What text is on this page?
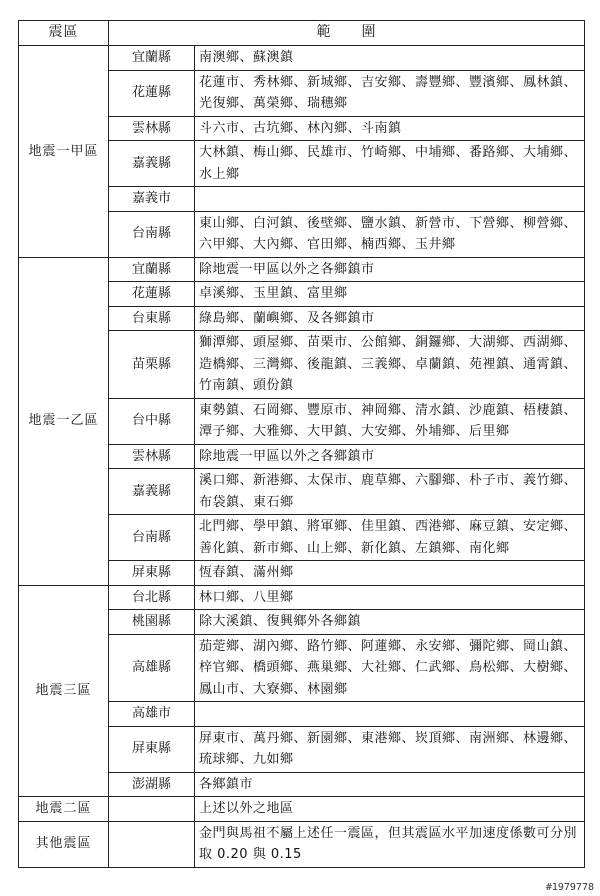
震區	範　　圍	
地震一甲區	宜蘭縣	南澳鄉、蘇澳鎮
	花蓮縣	花蓮市、秀林鄉、新城鄉、吉安鄉、壽豐鄉、豐濱鄉、鳳林鎮、光復鄉、萬榮鄉、瑞穗鄉
	雲林縣	斗六市、古坑鄉、林內鄉、斗南鎮
	嘉義縣	大林鎮、梅山鄉、民雄市、竹崎鄉、中埔鄉、番路鄉、大埔鄉、水上鄉
	嘉義市	
	台南縣	東山鄉、白河鎮、後壁鄉、鹽水鎮、新營市、下營鄉、柳營鄉、六甲鄉、大內鄉、官田鄉、楠西鄉、玉井鄉
地震一乙區	宜蘭縣	除地震一甲區以外之各鄉鎮市
	花蓮縣	卓溪鄉、玉里鎮、富里鄉
	台東縣	綠島鄉、蘭嶼鄉、及各鄉鎮市
	苗栗縣	獅潭鄉、頭屋鄉、苗栗市、公館鄉、銅鑼鄉、大湖鄉、西湖鄉、造橋鄉、三灣鄉、後龍鎮、三義鄉、卓蘭鎮、苑裡鎮、通霄鎮、竹南鎮、頭份鎮
	台中縣	東勢鎮、石岡鄉、豐原市、神岡鄉、清水鎮、沙鹿鎮、梧棲鎮、潭子鄉、大雅鄉、大甲鎮、大安鄉、外埔鄉、后里鄉
	雲林縣	除地震一甲區以外之各鄉鎮市
	嘉義縣	溪口鄉、新港鄉、太保市、鹿草鄉、六腳鄉、朴子市、義竹鄉、布袋鎮、東石鄉
	台南縣	北門鄉、學甲鎮、將軍鄉、佳里鎮、西港鄉、麻豆鎮、安定鄉、善化鎮、新市鄉、山上鄉、新化鎮、左鎮鄉、南化鄉
	屏東縣	恆春鎮、滿州鄉
地震三區	台北縣	林口鄉、八里鄉
	桃園縣	除大溪鎮、復興鄉外各鄉鎮
	高雄縣	茄萣鄉、湖內鄉、路竹鄉、阿蓮鄉、永安鄉、彌陀鄉、岡山鎮、梓官鄉、橋頭鄉、燕巢鄉、大社鄉、仁武鄉、鳥松鄉、大樹鄉、鳳山市、大寮鄉、林園鄉
	高雄市	
	屏東縣	屏東市、萬丹鄉、新園鄉、東港鄉、崁頂鄉、南洲鄉、林邊鄉、琉球鄉、九如鄉
	澎湖縣	各鄉鎮市
地震二區		上述以外之地區
其他震區		金門與馬祖不屬上述任一震區，但其震區水平加速度係數可分別取 0.20 與 0.15
#1979778
